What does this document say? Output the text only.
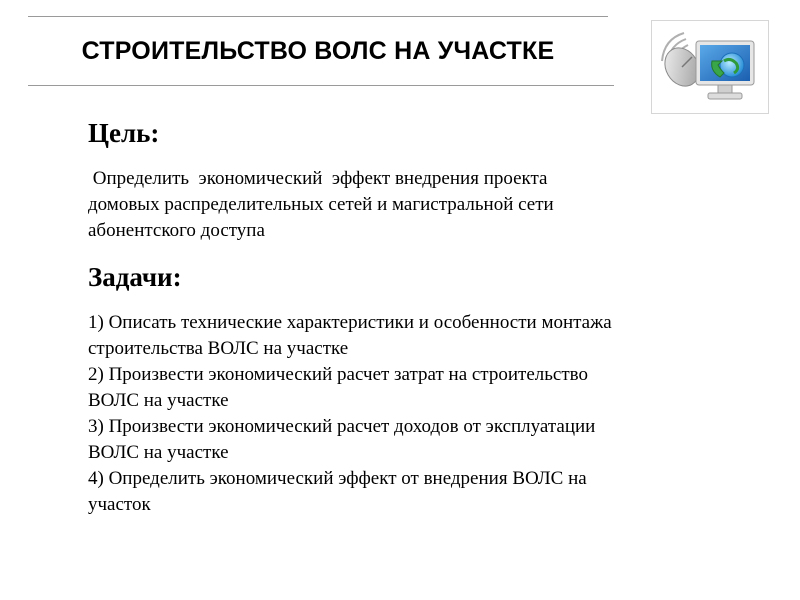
СТРОИТЕЛЬСТВО ВОЛС НА УЧАСТКЕ
Цель:
Определить  экономический  эффект внедрения проекта
домовых распределительных сетей и магистральной сети
абонентского доступа
Задачи:
1) Описать технические характеристики и особенности монтажа
строительства ВОЛС на участке
2) Произвести экономический расчет затрат на строительство
ВОЛС на участке
3) Произвести экономический расчет доходов от эксплуатации
ВОЛС на участке
4) Определить экономический эффект от внедрения ВОЛС на
участок
